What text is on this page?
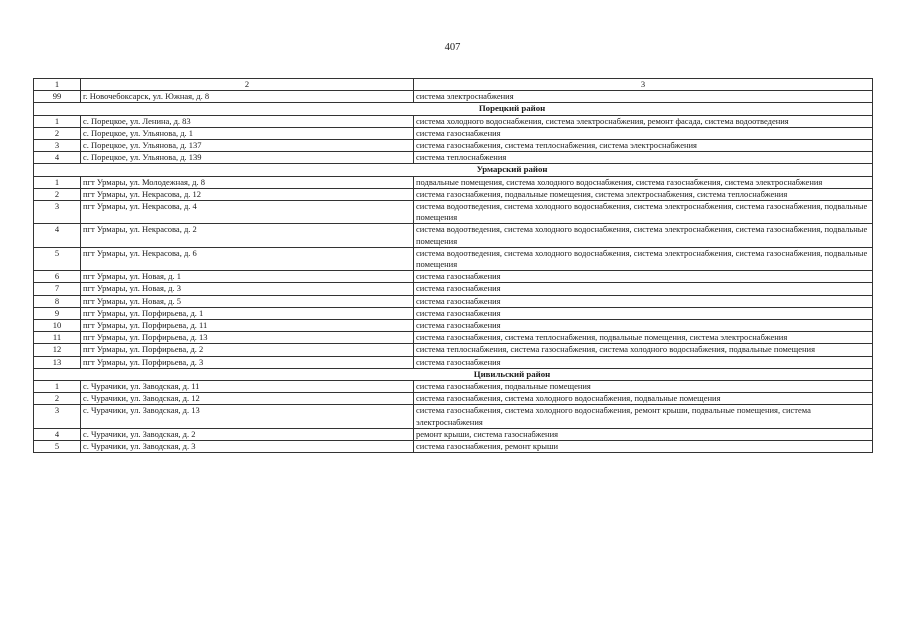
407
1	2	3
99	г. Новочебоксарск, ул. Южная, д. 8	система электроснабжения
Порецкий район		
1	с. Порецкое, ул. Ленина, д. 83	система холодного водоснабжения, система электроснабжения, ремонт фасада, система водоотведения
2	с. Порецкое, ул. Ульянова, д. 1	система газоснабжения
3	с. Порецкое, ул. Ульянова, д. 137	система газоснабжения, система теплоснабжения, система электроснабжения
4	с. Порецкое, ул. Ульянова, д. 139	система теплоснабжения
Урмарский район		
1	пгт Урмары, ул. Молодежная, д. 8	подвальные помещения, система холодного водоснабжения, система газоснабжения, система электроснабжения
2	пгт Урмары, ул. Некрасова, д. 12	система газоснабжения, подвальные помещения, система электроснабжения, система теплоснабжения
3	пгт Урмары, ул. Некрасова, д. 4	система водоотведения, система холодного водоснабжения, система электроснабжения, система газоснабжения, подвальные помещения
4	пгт Урмары, ул. Некрасова, д. 2	система водоотведения, система холодного водоснабжения, система электроснабжения, система газоснабжения, подвальные помещения
5	пгт Урмары, ул. Некрасова, д. 6	система водоотведения, система холодного водоснабжения, система электроснабжения, система газоснабжения, подвальные помещения
6	пгт Урмары, ул. Новая, д. 1	система газоснабжения
7	пгт Урмары, ул. Новая, д. 3	система газоснабжения
8	пгт Урмары, ул. Новая, д. 5	система газоснабжения
9	пгт Урмары, ул. Порфирьева, д. 1	система газоснабжения
10	пгт Урмары, ул. Порфирьева, д. 11	система газоснабжения
11	пгт Урмары, ул. Порфирьева, д. 13	система газоснабжения, система теплоснабжения, подвальные помещения, система электроснабжения
12	пгт Урмары, ул. Порфирьева, д. 2	система теплоснабжения, система газоснабжения, система холодного водоснабжения, подвальные помещения
13	пгт Урмары, ул. Порфирьева, д. 3	система газоснабжения
Цивильский район		
1	с. Чурачики, ул. Заводская, д. 11	система газоснабжения, подвальные помещения
2	с. Чурачики, ул. Заводская, д. 12	система газоснабжения, система холодного водоснабжения, подвальные помещения
3	с. Чурачики, ул. Заводская, д. 13	система газоснабжения, система холодного водоснабжения, ремонт крыши, подвальные помещения, система электроснабжения
4	с. Чурачики, ул. Заводская, д. 2	ремонт крыши, система газоснабжения
5	с. Чурачики, ул. Заводская, д. 3	система газоснабжения, ремонт крыши
